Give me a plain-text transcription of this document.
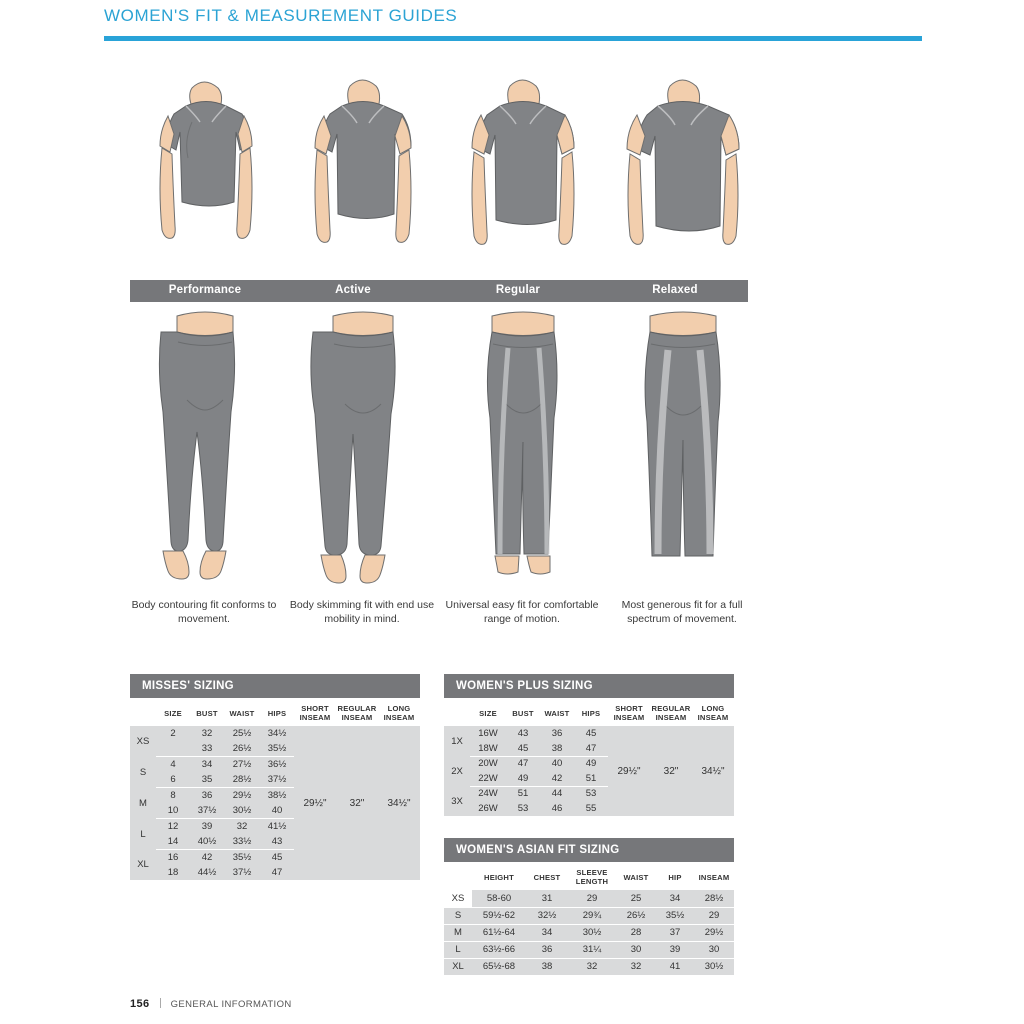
WOMEN'S FIT & MEASUREMENT GUIDES
Performance	Active	Regular	Relaxed
Body contouring fit conforms to movement.
Body skimming fit with end use mobility in mind.
Universal easy fit for comfortable range of motion.
Most generous fit for a full spectrum of movement.
MISSES' SIZING
	SIZE	BUST	WAIST	HIPS	SHORT INSEAM	REGULAR INSEAM	LONG INSEAM
XS	2	32	25½	34½	29½"	32"	34½"
		33	26½	35½			
S	4	34	27½	36½			
	6	35	28½	37½			
M	8	36	29½	38½			
	10	37½	30½	40			
L	12	39	32	41½			
	14	40½	33½	43			
XL	16	42	35½	45			
	18	44½	37½	47			
WOMEN'S PLUS SIZING
	SIZE	BUST	WAIST	HIPS	SHORT INSEAM	REGULAR INSEAM	LONG INSEAM
1X	16W	43	36	45	29½"	32"	34½"
	18W	45	38	47			
2X	20W	47	40	49			
	22W	49	42	51			
3X	24W	51	44	53			
	26W	53	46	55			
WOMEN'S ASIAN FIT SIZING
	HEIGHT	CHEST	SLEEVE LENGTH	WAIST	HIP	INSEAM
XS	58-60	31	29	25	34	28½
S	59½-62	32½	29¾	26½	35½	29
M	61½-64	34	30½	28	37	29½
L	63½-66	36	31¼	30	39	30
XL	65½-68	38	32	32	41	30½
156 GENERAL INFORMATION
